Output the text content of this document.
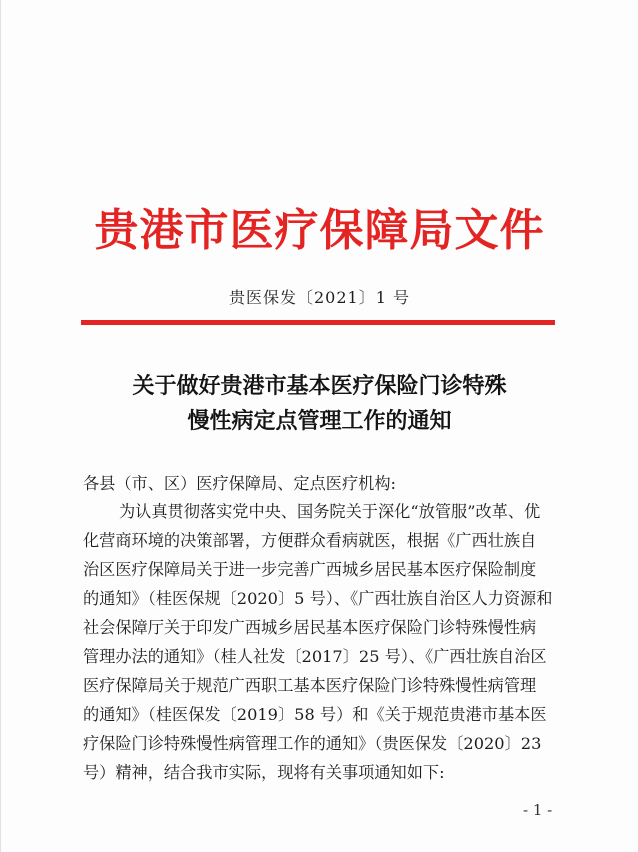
贵港市医疗保障局文件
贵医保发〔2021〕1 号
关于做好贵港市基本医疗保险门诊特殊
慢性病定点管理工作的通知
各县（市、区）医疗保障局、定点医疗机构:
为认真贯彻落实党中央、国务院关于深化“放管服”改革、优
化营商环境的决策部署，方便群众看病就医，根据《广西壮族自
治区医疗保障局关于进一步完善广西城乡居民基本医疗保险制度
的通知》（桂医保规〔2020〕5 号）、《广西壮族自治区人力资源和
社会保障厅关于印发广西城乡居民基本医疗保险门诊特殊慢性病
管理办法的通知》（桂人社发〔2017〕25 号）、《广西壮族自治区
医疗保障局关于规范广西职工基本医疗保险门诊特殊慢性病管理
的通知》（桂医保发〔2019〕58 号）和《关于规范贵港市基本医
疗保险门诊特殊慢性病管理工作的通知》（贵医保发〔2020〕23
号）精神，结合我市实际，现将有关事项通知如下:
- 1 -
